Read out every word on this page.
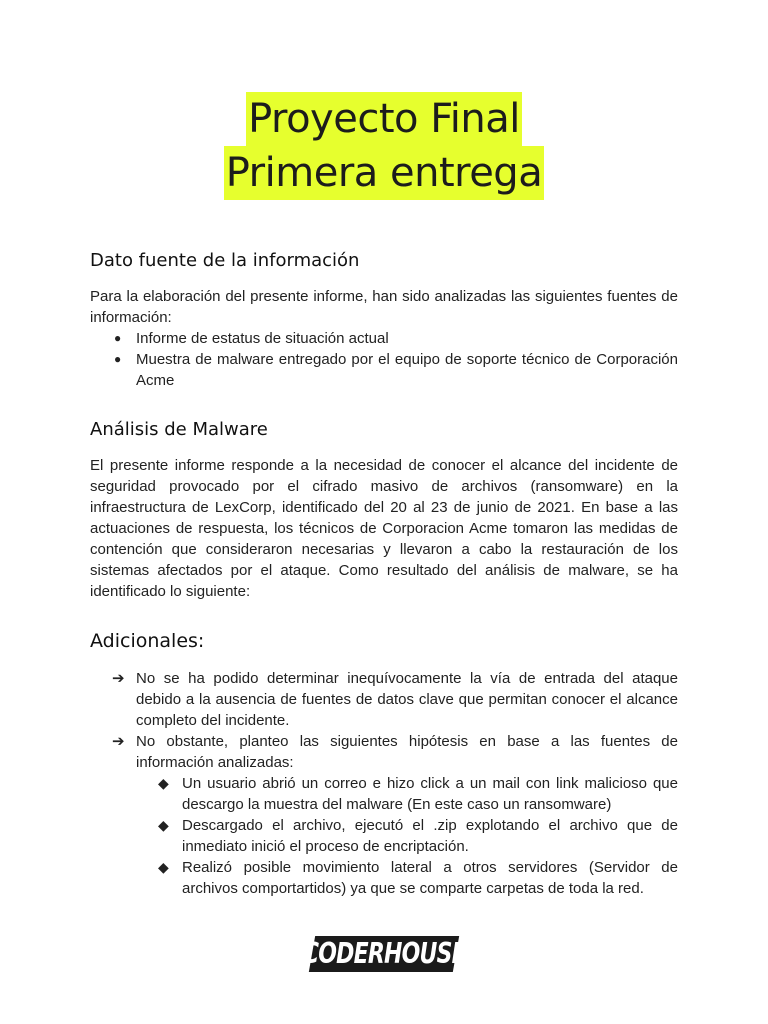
Proyecto Final
Primera entrega
Dato fuente de la información

Para la elaboración del presente informe, han sido analizadas las siguientes fuentes de información:

● Informe de estatus de situación actual
● Muestra de malware entregado por el equipo de soporte técnico de Corporación Acme
Análisis de Malware

El presente informe responde a la necesidad de conocer el alcance del incidente de seguridad provocado por el cifrado masivo de archivos (ransomware) en la infraestructura de LexCorp, identificado del 20 al 23 de junio de 2021. En base a las actuaciones de respuesta, los técnicos de Corporacion Acme tomaron las medidas de contención que consideraron necesarias y llevaron a cabo la restauración de los sistemas afectados por el ataque. Como resultado del análisis de malware, se ha identificado lo siguiente:

Adicionales:
➔ No se ha podido determinar inequívocamente la vía de entrada del ataque debido a la ausencia de fuentes de datos clave que permitan conocer el alcance completo del incidente.
➔ No obstante, planteo las siguientes hipótesis en base a las fuentes de información analizadas:
◆ Un usuario abrió un correo e hizo click a un mail con link malicioso que descargo la muestra del malware (En este caso un ransomware)
◆ Descargado el archivo, ejecutó el .zip explotando el archivo que de inmediato inició el proceso de encriptación.
◆ Realizó posible movimiento lateral a otros servidores (Servidor de archivos comportartidos) ya que se comparte carpetas de toda la red.
CODERHOUSE
